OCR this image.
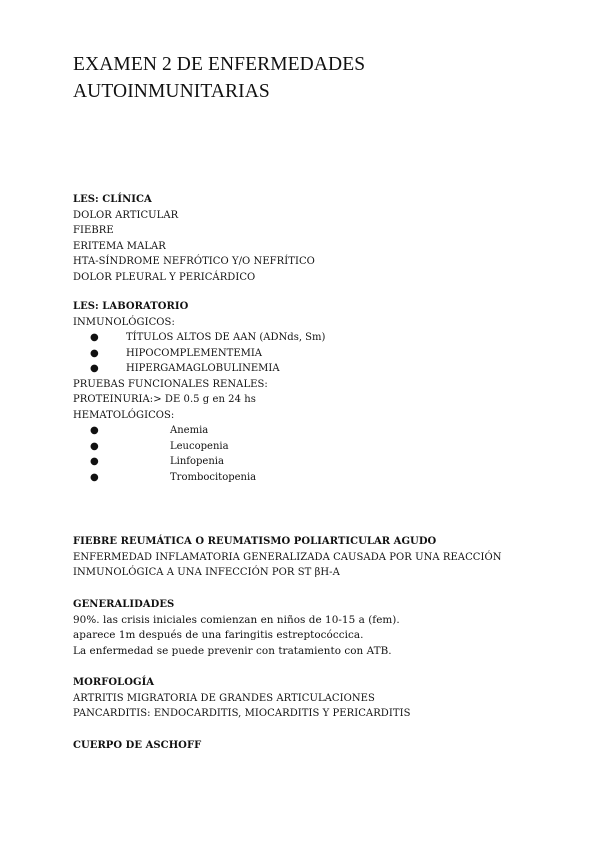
EXAMEN 2 DE ENFERMEDADES
AUTOINMUNITARIAS
LES: CLÍNICA
DOLOR ARTICULAR
FIEBRE
ERITEMA MALAR
HTA-SÍNDROME NEFRÓTICO Y/O NEFRÍTICO
DOLOR PLEURAL Y PERICÁRDICO
LES: LABORATORIO
INMUNOLÓGICOS:
●	TÍTULOS ALTOS DE AAN (ADNds, Sm)
●	HIPOCOMPLEMENTEMIA
●	HIPERGAMAGLOBULINEMIA
PRUEBAS FUNCIONALES RENALES:
PROTEINURIA:> DE 0.5 g en 24 hs
HEMATOLÓGICOS:
●	Anemia
●	Leucopenia
●	Linfopenia
●	Trombocitopenia
FIEBRE REUMÁTICA O REUMATISMO POLIARTICULAR AGUDO
ENFERMEDAD INFLAMATORIA GENERALIZADA CAUSADA POR UNA REACCIÓN
INMUNOLÓGICA A UNA INFECCIÓN POR ST βH-A
GENERALIDADES
90%. las crisis iniciales comienzan en niños de 10-15 a (fem).
aparece 1m después de una faringitis estreptocóccica.
La enfermedad se puede prevenir con tratamiento con ATB.
MORFOLOGÍA
ARTRITIS MIGRATORIA DE GRANDES ARTICULACIONES
PANCARDITIS: ENDOCARDITIS, MIOCARDITIS Y PERICARDITIS
CUERPO DE ASCHOFF
